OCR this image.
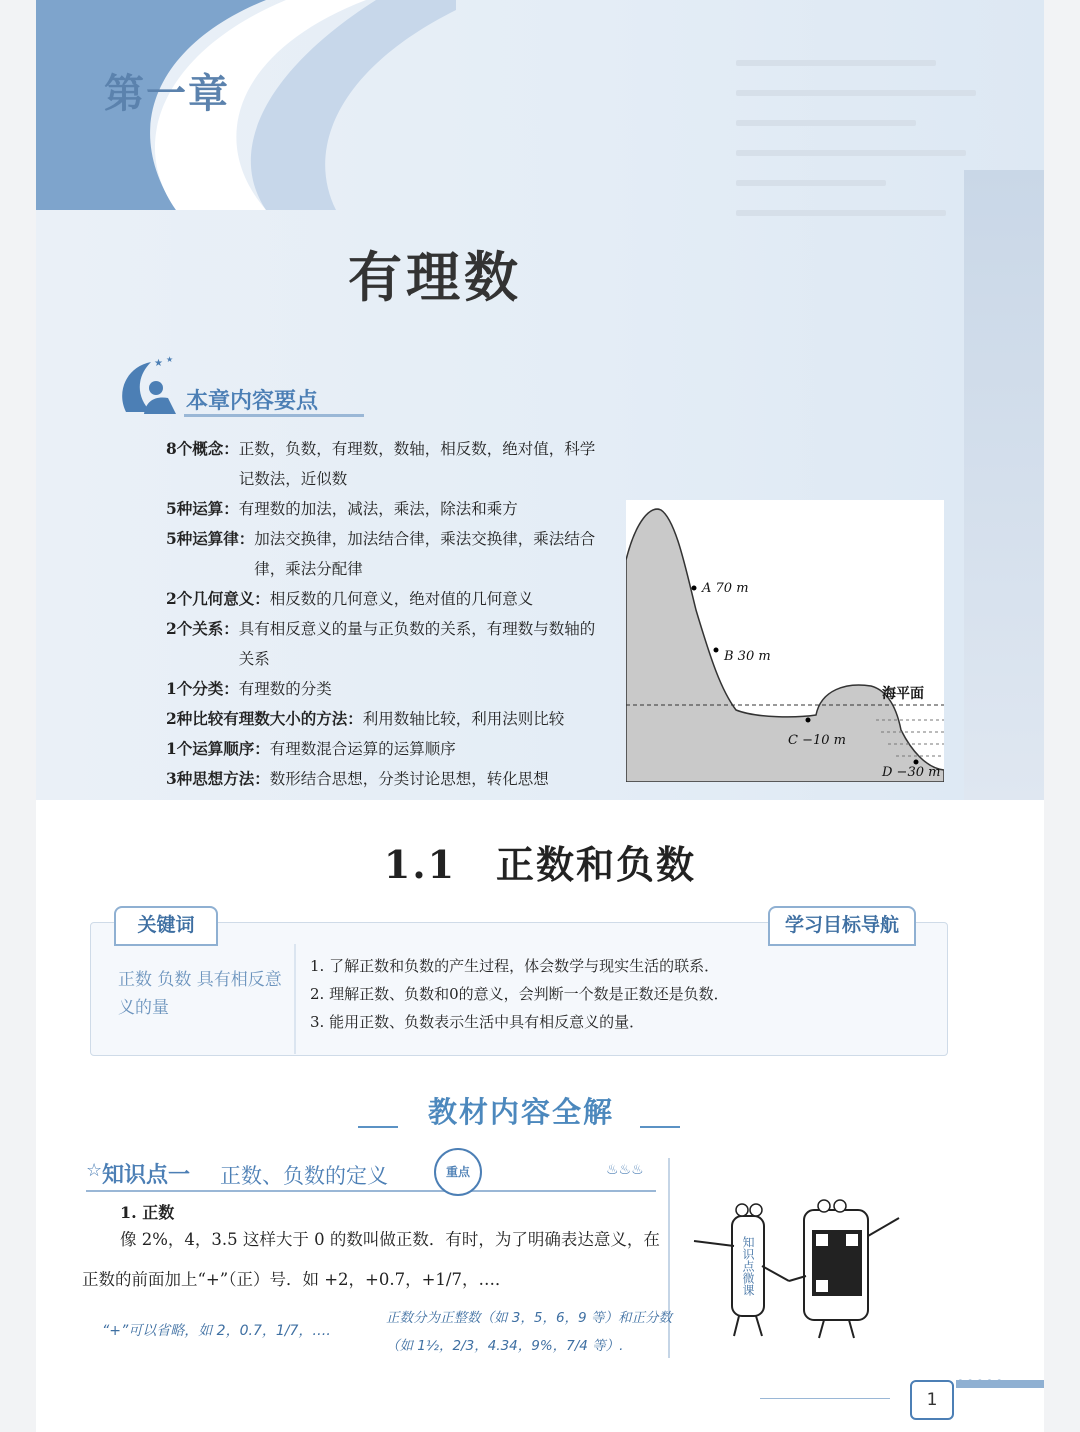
第一章
有理数
★ ★
本章内容要点
8个概念： 正数，负数，有理数，数轴，相反数，绝对值，科学记数法，近似数
5种运算： 有理数的加法，减法，乘法，除法和乘方
5种运算律： 加法交换律，加法结合律，乘法交换律，乘法结合律，乘法分配律
2个几何意义： 相反数的几何意义，绝对值的几何意义
2个关系： 具有相反意义的量与正负数的关系，有理数与数轴的关系
1个分类： 有理数的分类
2种比较有理数大小的方法： 利用数轴比较，利用法则比较
1个运算顺序： 有理数混合运算的运算顺序
3种思想方法： 数形结合思想，分类讨论思想，转化思想
A 70 m
B 30 m
C −10 m
D −30 m
海平面
1.1 正数和负数
关键词	学习目标导航
正数 负数 具有相反意义的量
1. 了解正数和负数的产生过程，体会数学与现实生活的联系．
2. 理解正数、负数和0的意义，会判断一个数是正数还是负数．
3. 能用正数、负数表示生活中具有相反意义的量．
教材内容全解
☆ 知识点一 正数、负数的定义	重点	♨♨♨
1. 正数
像 2%，4，3.5 这样大于 0 的数叫做正数．有时，为了明确表达意义，在
正数的前面加上“+”（正）号．如 +2，+0.7，+1/7，…．
“+”可以省略，如 2，0.7，1/7，….
正数分为正整数（如 3，5，6，9 等）和正分数（如 1½，2/3，4.34，9%，7/4 等）.
知识点微课
1
